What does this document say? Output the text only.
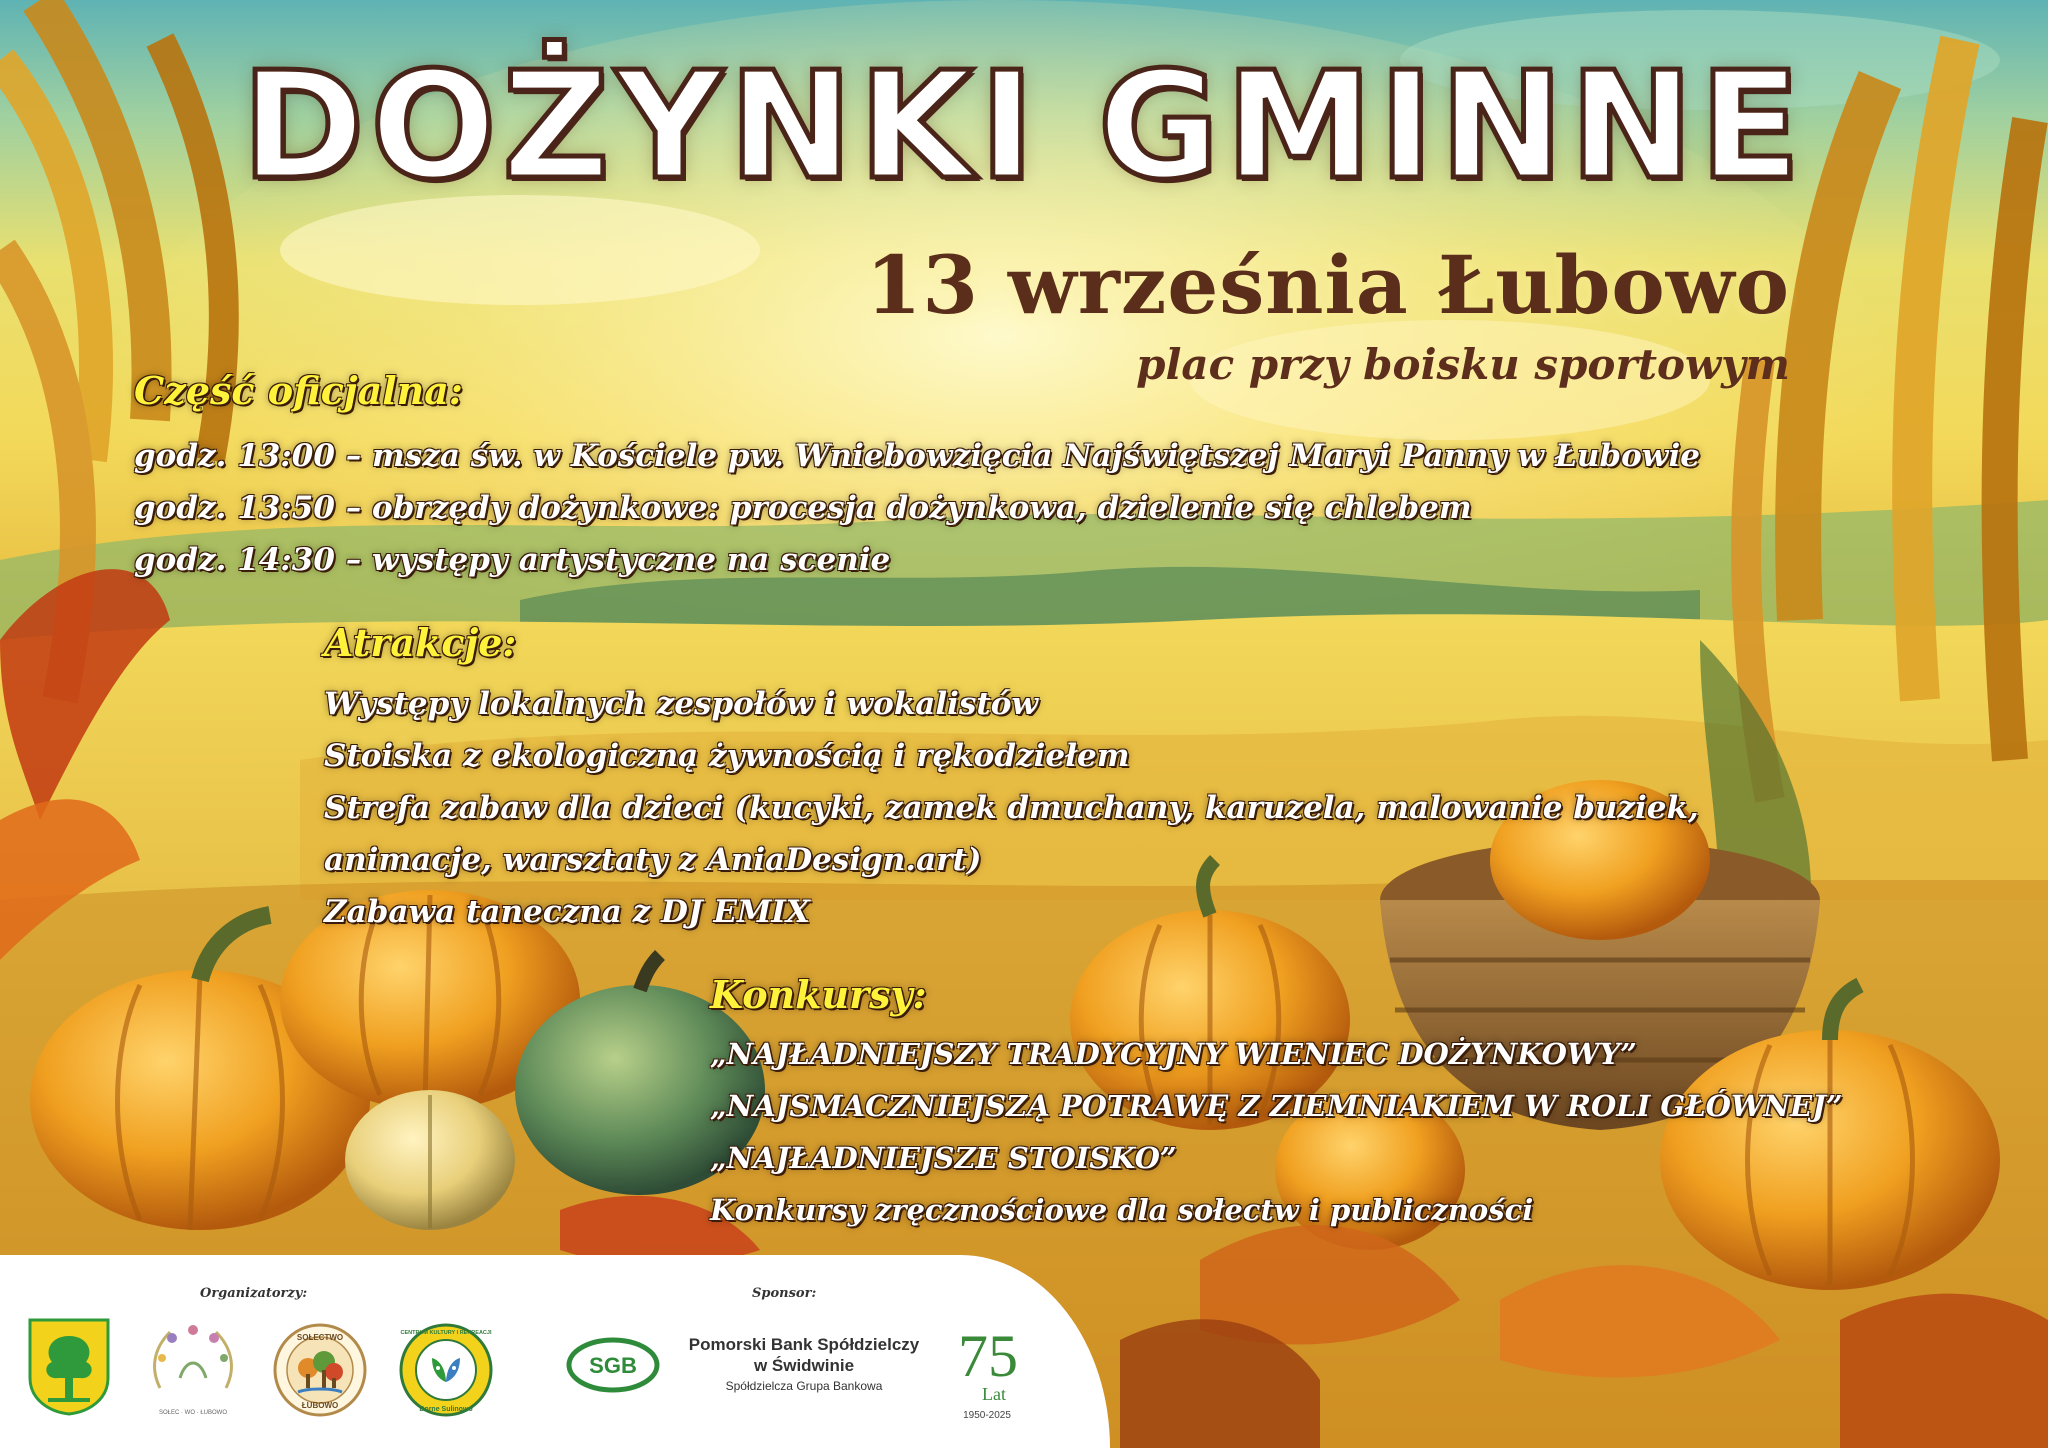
DOŻYNKI GMINNE
13 września Łubowo

plac przy boisku sportowym

Część oficjalna:

godz. 13:00 – msza św. w Kościele pw. Wniebowzięcia Najświętszej Maryi Panny w Łubowie
godz. 13:50 – obrzędy dożynkowe: procesja dożynkowa, dzielenie się chlebem
godz. 14:30 – występy artystyczne na scenie

Atrakcje:

Występy lokalnych zespołów i wokalistów
Stoiska z ekologiczną żywnością i rękodziełem
Strefa zabaw dla dzieci (kucyki, zamek dmuchany, karuzela, malowanie buziek,
animacje, warsztaty z AniaDesign.art)
Zabawa taneczna z DJ EMIX

Konkursy:

„NAJŁADNIEJSZY TRADYCYJNY WIENIEC DOŻYNKOWY”
„NAJSMACZNIEJSZĄ POTRAWĘ Z ZIEMNIAKIEM W ROLI GŁÓWNEJ”
„NAJŁADNIEJSZE STOISKO”
Konkursy zręcznościowe dla sołectw i publiczności
Organizatorzy:	Sponsor:
SOŁEC · WO · ŁUBOWO
SOŁECTWO
ŁUBOWO
CENTRUM KULTURY I REKREACJI
Borne Sulinowo
SGB
Pomorski Bank Spółdzielczy
w Świdwinie
Spółdzielcza Grupa Bankowa	75
Lat
1950-2025
